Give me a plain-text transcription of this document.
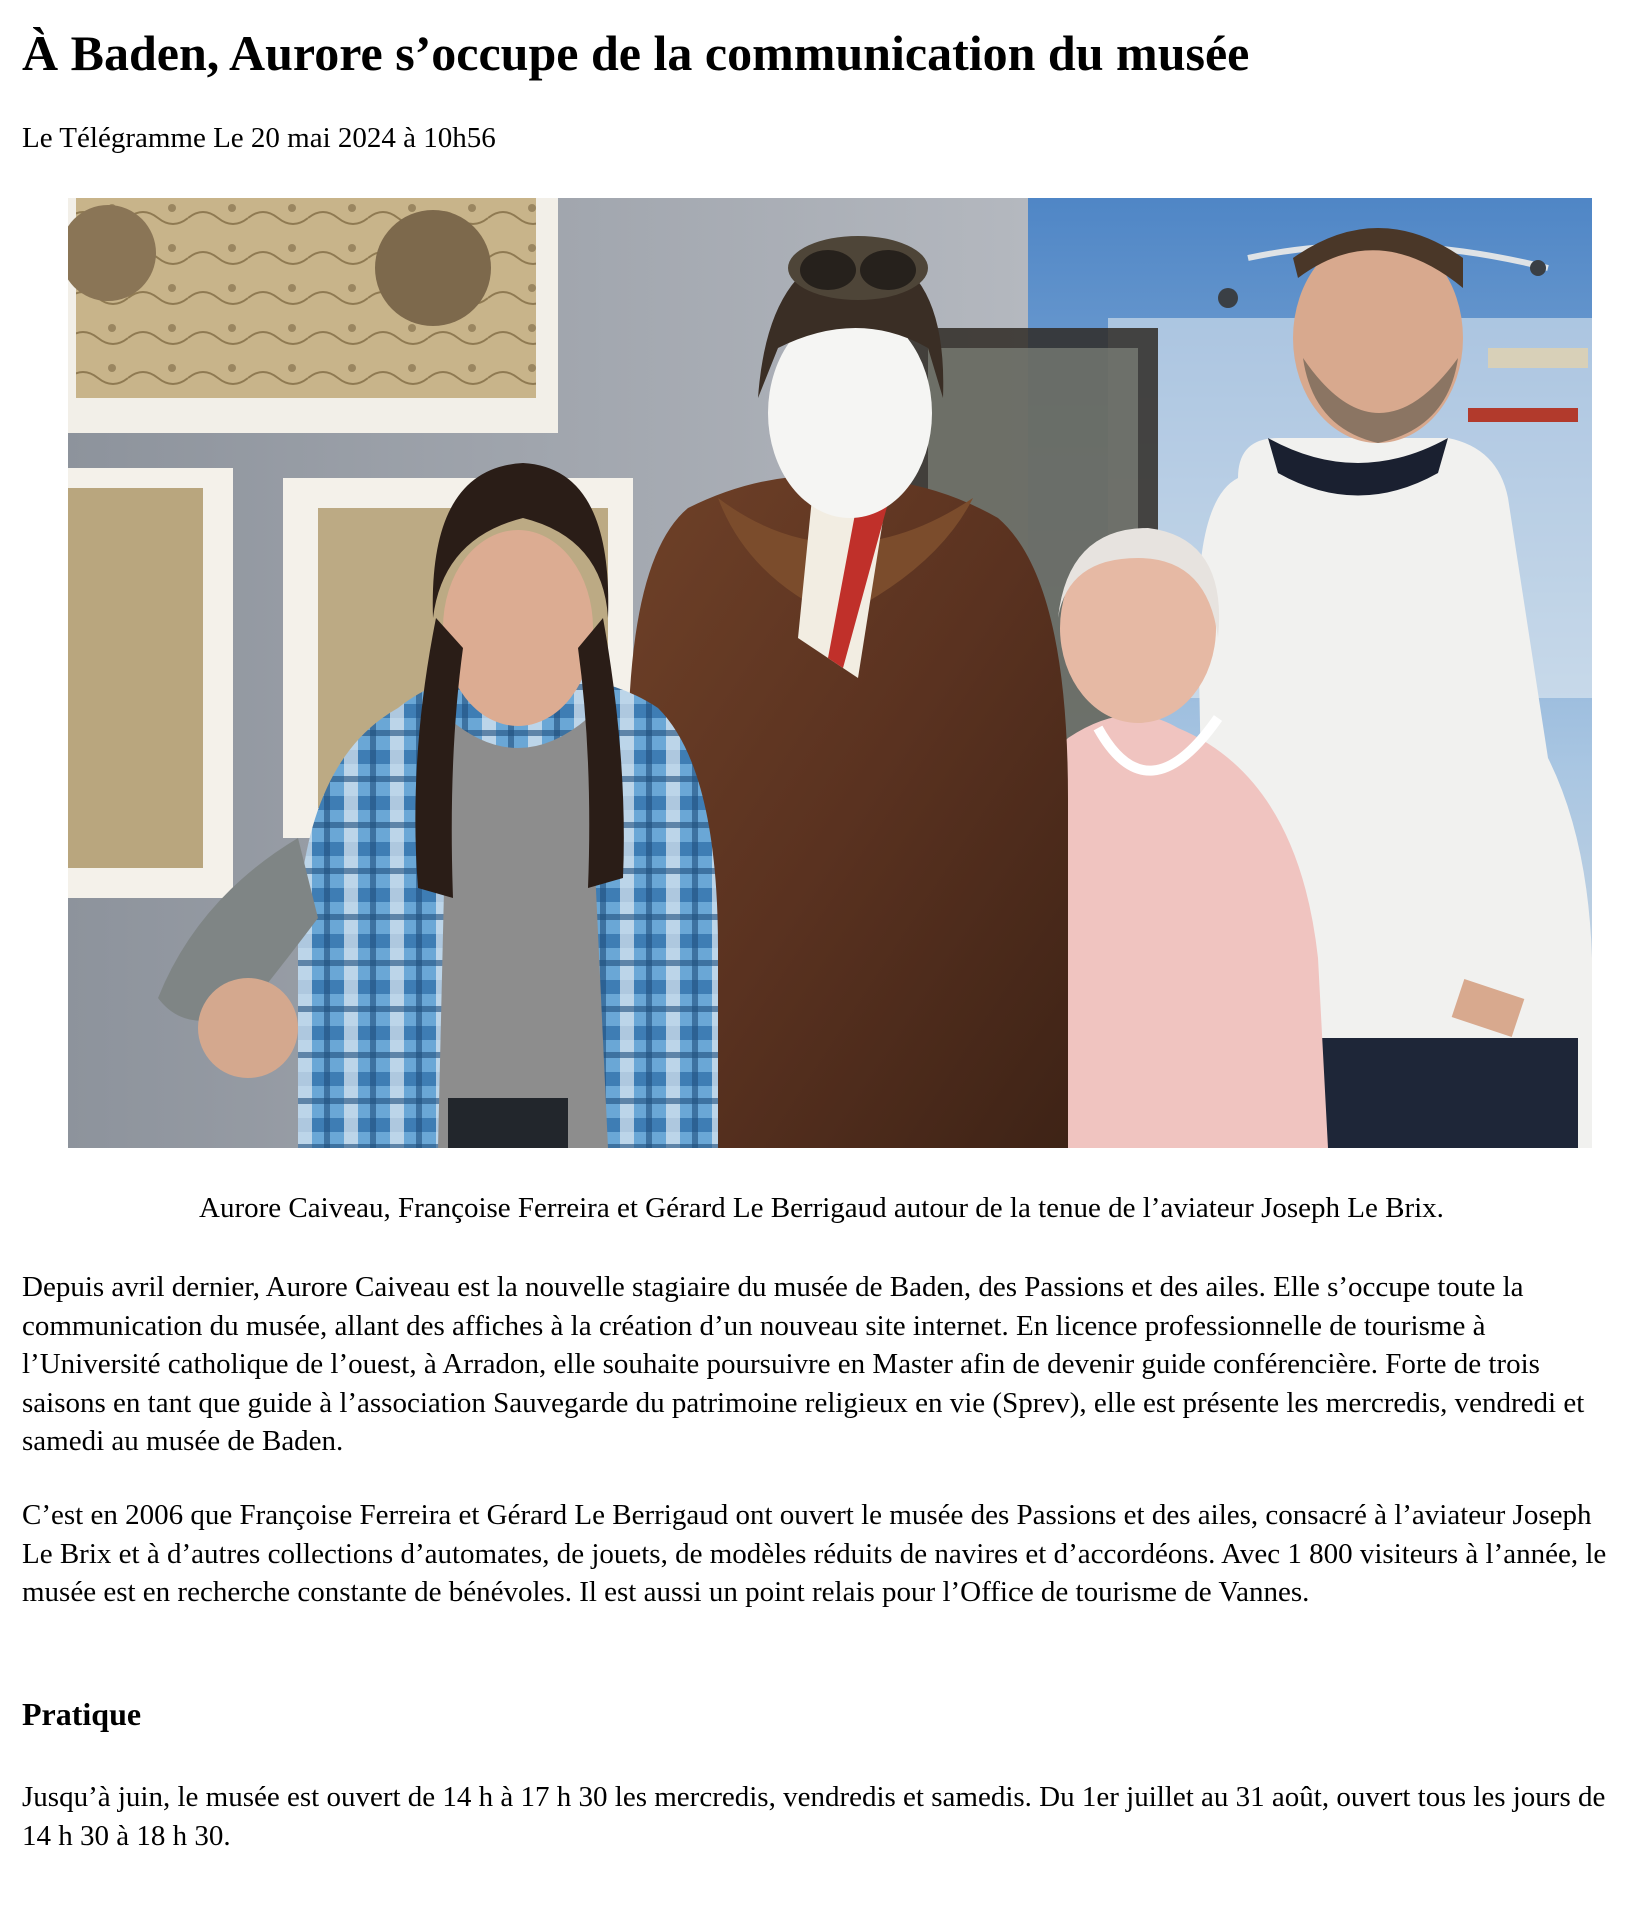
À Baden, Aurore s’occupe de la communication du musée

Le Télégramme Le 20 mai 2024 à 10h56

Aurore Caiveau, Françoise Ferreira et Gérard Le Berrigaud autour de la tenue de l’aviateur Joseph Le Brix.

Depuis avril dernier, Aurore Caiveau est la nouvelle stagiaire du musée de Baden, des Passions et des ailes. Elle s’occupe toute la communication du musée, allant des affiches à la création d’un nouveau site internet. En licence professionnelle de tourisme à l’Université catholique de l’ouest, à Arradon, elle souhaite poursuivre en Master afin de devenir guide conférencière. Forte de trois saisons en tant que guide à l’association Sauvegarde du patrimoine religieux en vie (Sprev), elle est présente les mercredis, vendredi et samedi au musée de Baden.

C’est en 2006 que Françoise Ferreira et Gérard Le Berrigaud ont ouvert le musée des Passions et des ailes, consacré à l’aviateur Joseph Le Brix et à d’autres collections d’automates, de jouets, de modèles réduits de navires et d’accordéons. Avec 1 800 visiteurs à l’année, le musée est en recherche constante de bénévoles. Il est aussi un point relais pour l’Office de tourisme de Vannes.

Pratique

Jusqu’à juin, le musée est ouvert de 14 h à 17 h 30 les mercredis, vendredis et samedis. Du 1er juillet au 31 août, ouvert tous les jours de 14 h 30 à 18 h 30.
